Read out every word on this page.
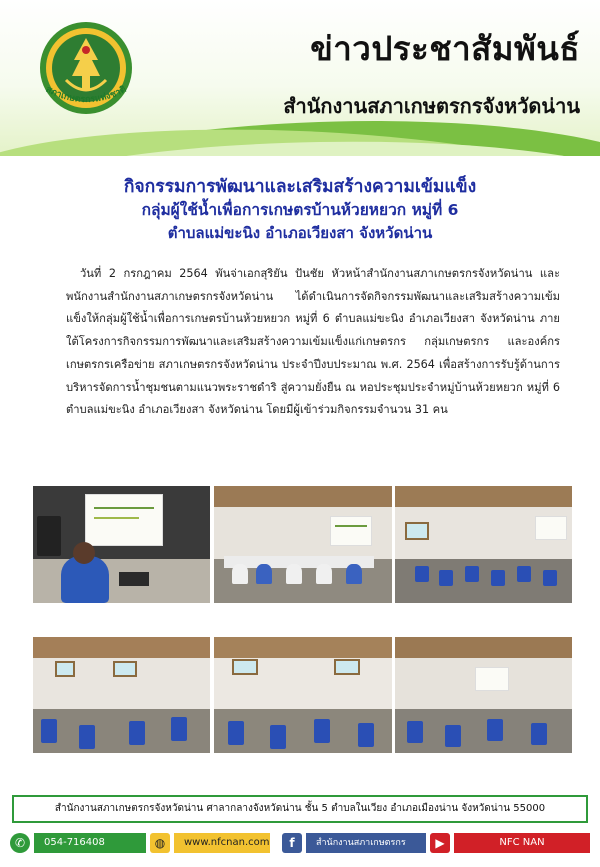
สภาเกษตรกรแห่งชาติ
ข่าวประชาสัมพันธ์
สำนักงานสภาเกษตรกรจังหวัดน่าน
กิจกรรมการพัฒนาและเสริมสร้างความเข้มแข็ง
กลุ่มผู้ใช้น้ำเพื่อการเกษตรบ้านห้วยหยวก หมู่ที่ 6
ตำบลแม่ขะนิง อำเภอเวียงสา จังหวัดน่าน
วันที่ 2 กรกฎาคม 2564 พันจ่าเอกสุริยัน ปันชัย หัวหน้าสำนักงานสภาเกษตรกรจังหวัดน่าน และพนักงานสำนักงานสภาเกษตรกรจังหวัดน่าน ได้ดำเนินการจัดกิจกรรมพัฒนาและเสริมสร้างความเข้มแข็งให้กลุ่มผู้ใช้น้ำเพื่อการเกษตรบ้านห้วยหยวก หมู่ที่ 6 ตำบลแม่ขะนิง อำเภอเวียงสา จังหวัดน่าน ภายใต้โครงการกิจกรรมการพัฒนาและเสริมสร้างความเข้มแข็งแก่เกษตรกร กลุ่มเกษตรกร และองค์กรเกษตรกรเครือข่าย สภาเกษตรกรจังหวัดน่าน ประจำปีงบประมาณ พ.ศ. 2564 เพื่อสร้างการรับรู้ด้านการบริหารจัดการน้ำชุมชนตามแนวพระราชดำริ สู่ความยั่งยืน ณ หอประชุมประจำหมู่บ้านห้วยหยวก หมู่ที่ 6 ตำบลแม่ขะนิง อำเภอเวียงสา จังหวัดน่าน โดยมีผู้เข้าร่วมกิจกรรมจำนวน 31 คน
สำนักงานสภาเกษตรกรจังหวัดน่าน ศาลากลางจังหวัดน่าน ชั้น 5 ตำบลในเวียง อำเภอเมืองน่าน จังหวัดน่าน 55000
✆	054-716408	◍	www.nfcnan.com	f	สำนักงานสภาเกษตรกรจังหวัดน่าน
▶	NFC NAN
